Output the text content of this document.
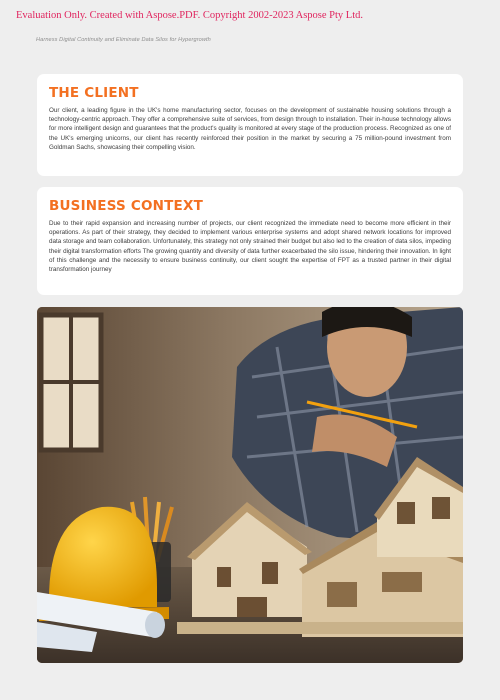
Evaluation Only. Created with Aspose.PDF. Copyright 2002-2023 Aspose Pty Ltd.
Harness Digital Continuity and Eliminate Data Silos for Hypergrowth
THE CLIENT

Our client, a leading figure in the UK's home manufacturing sector, focuses on the development of sustainable housing solutions through a technology-centric approach. They offer a comprehensive suite of services, from design through to installation. Their in-house technology allows for more intelligent design and guarantees that the product's quality is monitored at every stage of the production process. Recognized as one of the UK's emerging unicorns, our client has recently reinforced their position in the market by securing a 75 million-pound investment from Goldman Sachs, showcasing their compelling vision.

BUSINESS CONTEXT

Due to their rapid expansion and increasing number of projects, our client recognized the immediate need to become more efficient in their operations. As part of their strategy, they decided to implement various enterprise systems and adopt shared network locations for improved data storage and team collaboration. Unfortunately, this strategy not only strained their budget but also led to the creation of data silos, impeding their digital transformation efforts The growing quantity and diversity of data further exacerbated the silo issue, hindering their innovation. In light of this challenge and the necessity to ensure business continuity, our client sought the expertise of FPT as a trusted partner in their digital transformation journey
